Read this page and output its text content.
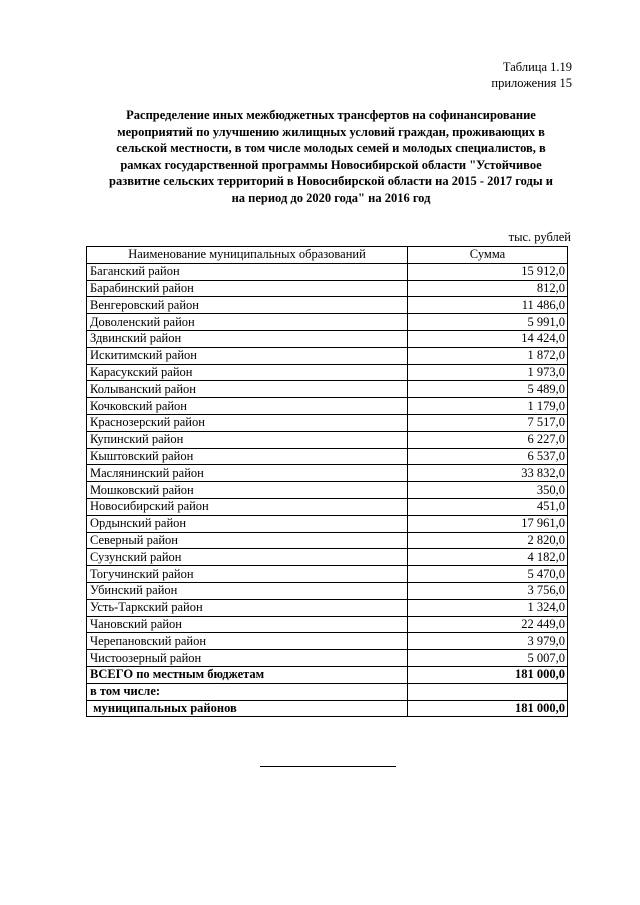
Таблица 1.19
приложения 15
Распределение иных межбюджетных трансфертов на софинансирование
мероприятий по улучшению жилищных условий граждан, проживающих в
сельской местности, в том числе молодых семей и молодых специалистов, в
рамках государственной программы Новосибирской области "Устойчивое
развитие сельских территорий в Новосибирской области на 2015 - 2017 годы и
на период до 2020 года" на 2016 год
тыс. рублей
Наименование муниципальных образований	Сумма
Баганский район	15 912,0
Барабинский район	812,0
Венгеровский район	11 486,0
Доволенский район	5 991,0
Здвинский район	14 424,0
Искитимский район	1 872,0
Карасукский район	1 973,0
Колыванский район	5 489,0
Кочковский район	1 179,0
Краснозерский район	7 517,0
Купинский район	6 227,0
Кыштовский район	6 537,0
Маслянинский район	33 832,0
Мошковский район	350,0
Новосибирский район	451,0
Ордынский район	17 961,0
Северный район	2 820,0
Сузунский район	4 182,0
Тогучинский район	5 470,0
Убинский район	3 756,0
Усть-Таркский район	1 324,0
Чановский район	22 449,0
Черепановский район	3 979,0
Чистоозерный район	5 007,0
ВСЕГО по местным бюджетам	181 000,0
в том числе:	
муниципальных районов	181 000,0
